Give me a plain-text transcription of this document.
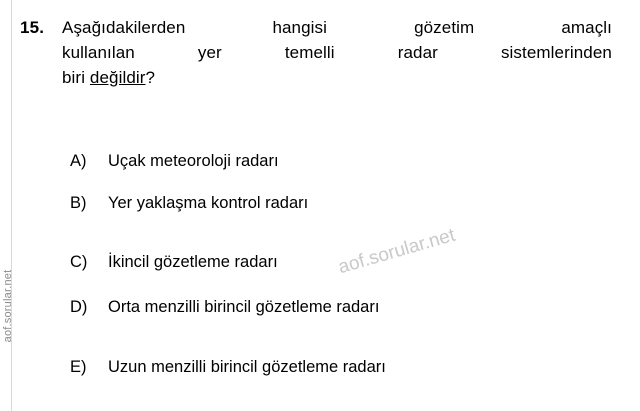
aof.sorular.net
15. Aşağıdakilerden	hangisi	gözetim	amaçlı
kullanılan	yer	temelli	radar	sistemlerinden
biri değildir?
A)	Uçak meteoroloji radarı
B)	Yer yaklaşma kontrol radarı
C)	İkincil gözetleme radarı
D)	Orta menzilli birincil gözetleme radarı
E)	Uzun menzilli birincil gözetleme radarı
aof.sorular.net
